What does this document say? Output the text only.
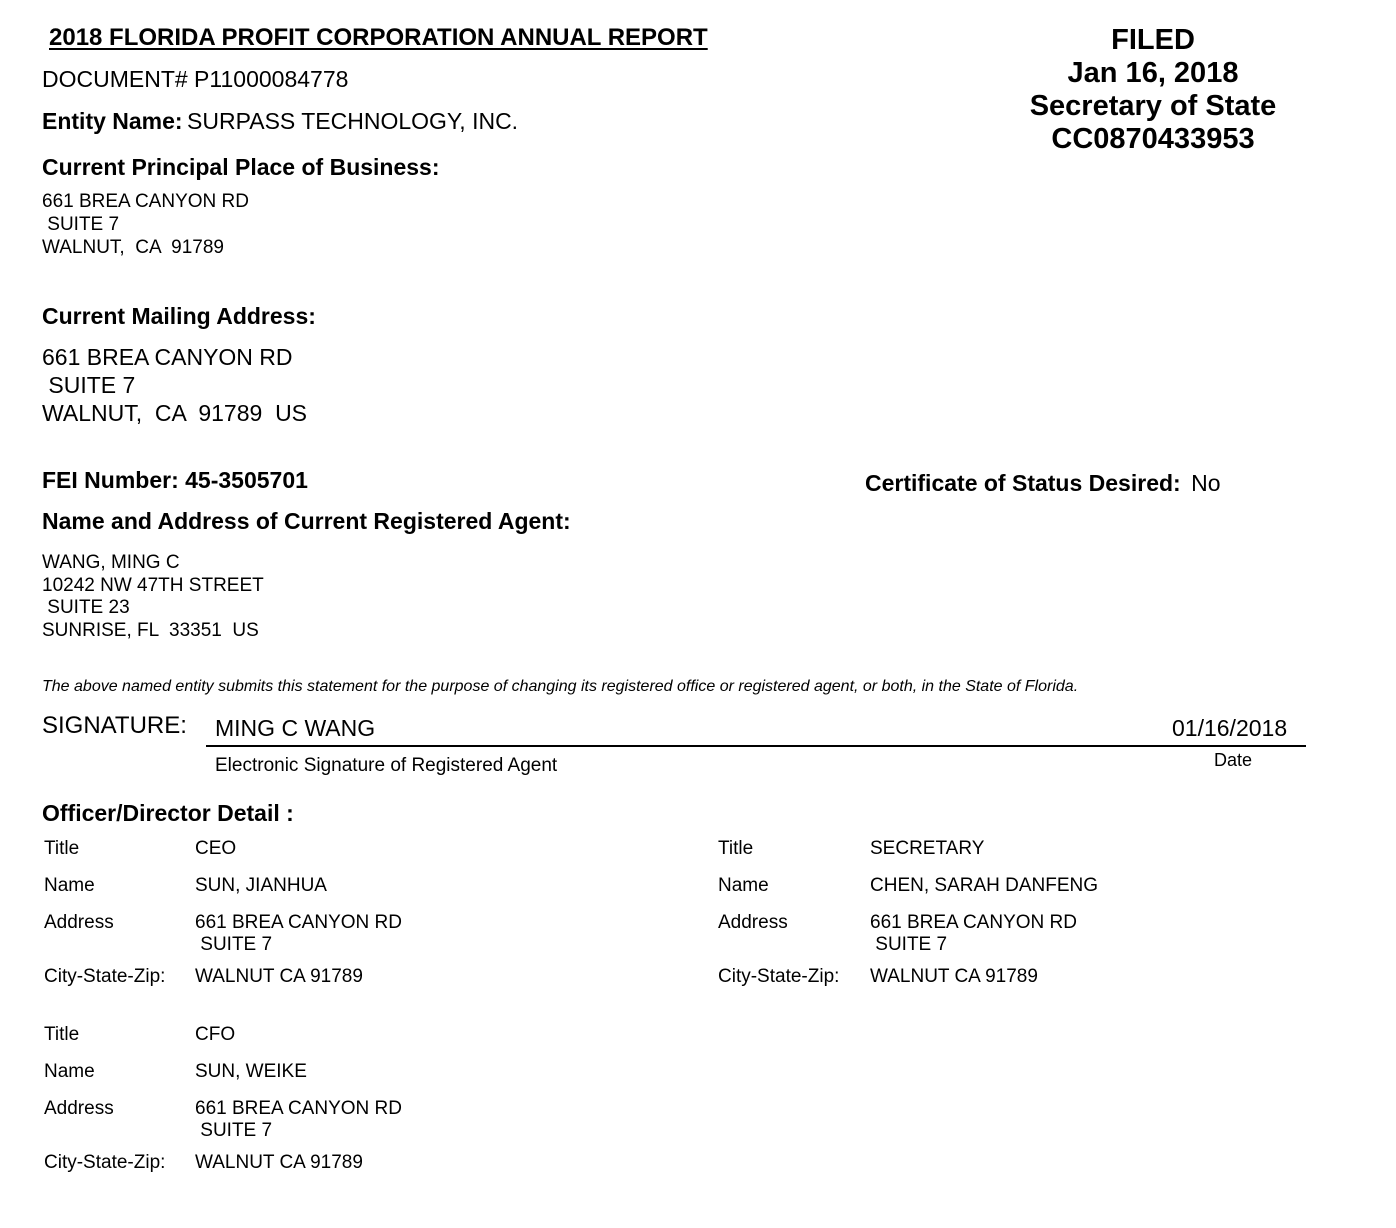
2018 FLORIDA PROFIT CORPORATION ANNUAL REPORT	FILED
Jan 16, 2018
Secretary of State
CC0870433953
DOCUMENT# P11000084778
Entity Name: SURPASS TECHNOLOGY, INC.
Current Principal Place of Business:
661 BREA CANYON RD
SUITE 7
WALNUT,  CA  91789
Current Mailing Address:
661 BREA CANYON RD
SUITE 7
WALNUT,  CA  91789  US
FEI Number: 45-3505701	Certificate of Status Desired: No
Name and Address of Current Registered Agent:
WANG, MING C
10242 NW 47TH STREET
SUITE 23
SUNRISE, FL  33351  US
The above named entity submits this statement for the purpose of changing its registered office or registered agent, or both, in the State of Florida.
SIGNATURE: MING C WANG	01/16/2018
Electronic Signature of Registered Agent	Date
Officer/Director Detail :
Title	CEO
Name	SUN, JIANHUA
Address	661 BREA CANYON RD
SUITE 7
City-State-Zip: WALNUT CA 91789
Title	SECRETARY
Name	CHEN, SARAH DANFENG
Address	661 BREA CANYON RD
SUITE 7
City-State-Zip: WALNUT CA 91789
Title	CFO
Name	SUN, WEIKE
Address	661 BREA CANYON RD
SUITE 7
City-State-Zip: WALNUT CA 91789
